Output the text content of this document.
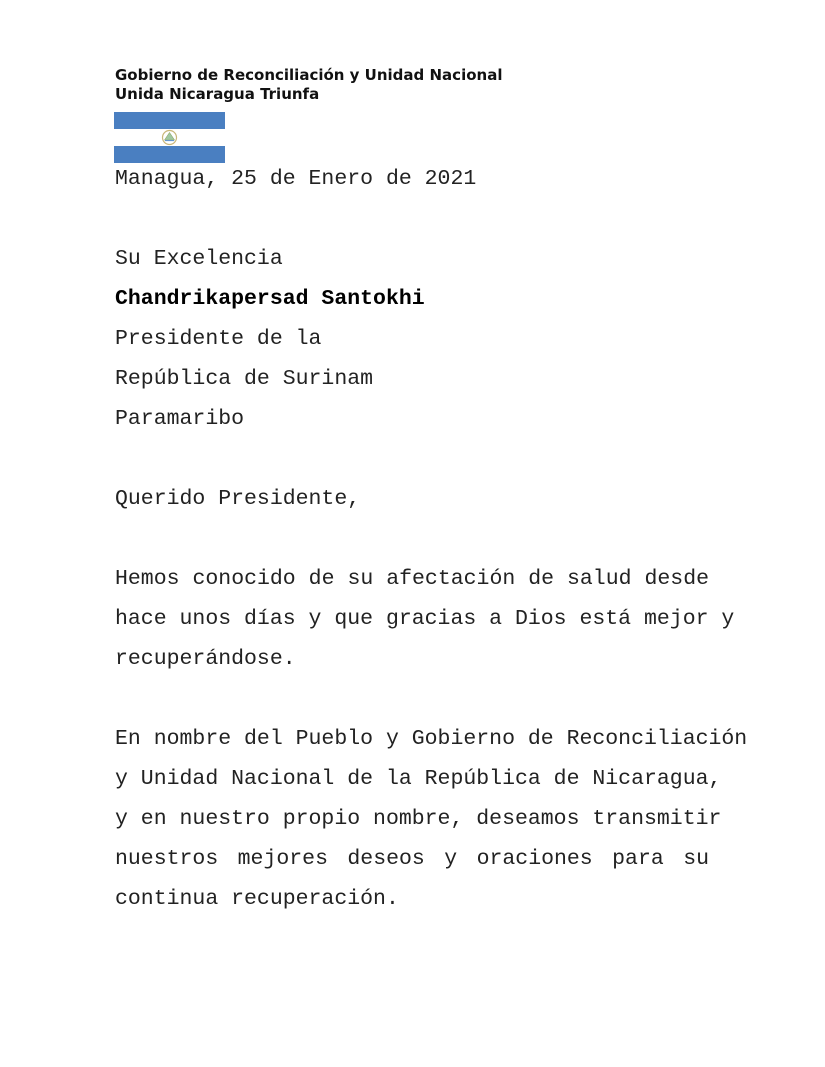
Gobierno de Reconciliación y Unidad Nacional
Unida Nicaragua Triunfa
Managua, 25 de Enero de 2021
Su Excelencia
Chandrikapersad Santokhi
Presidente de la
República de Surinam
Paramaribo
Querido Presidente,
Hemos conocido de su afectación de salud desde
hace unos días y que gracias a Dios está mejor y
recuperándose.
En nombre del Pueblo y Gobierno de Reconciliación
y Unidad Nacional de la República de Nicaragua,
y en nuestro propio nombre, deseamos transmitir
nuestros mejores deseos y oraciones para su
continua recuperación.
